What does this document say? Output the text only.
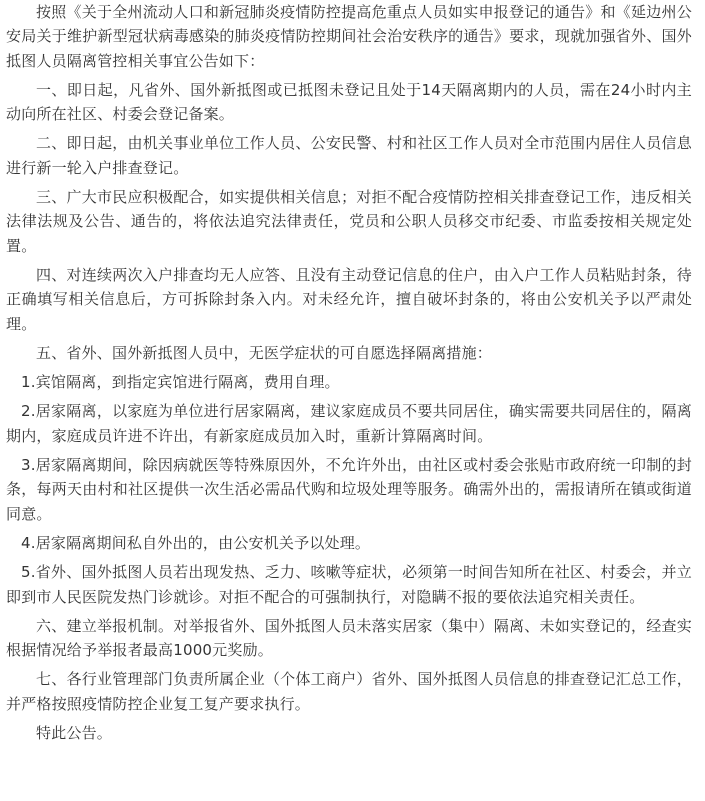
按照《关于全州流动人口和新冠肺炎疫情防控提高危重点人员如实申报登记的通告》和《延边州公安局关于维护新型冠状病毒感染的肺炎疫情防控期间社会治安秩序的通告》要求，现就加强省外、国外抵图人员隔离管控相关事宜公告如下：

一、即日起，凡省外、国外新抵图或已抵图未登记且处于14天隔离期内的人员，需在24小时内主动向所在社区、村委会登记备案。

二、即日起，由机关事业单位工作人员、公安民警、村和社区工作人员对全市范围内居住人员信息进行新一轮入户排查登记。

三、广大市民应积极配合，如实提供相关信息；对拒不配合疫情防控相关排查登记工作，违反相关法律法规及公告、通告的，将依法追究法律责任，党员和公职人员移交市纪委、市监委按相关规定处置。

四、对连续两次入户排查均无人应答、且没有主动登记信息的住户，由入户工作人员粘贴封条，待正确填写相关信息后，方可拆除封条入内。对未经允许，擅自破坏封条的，将由公安机关予以严肃处理。

五、省外、国外新抵图人员中，无医学症状的可自愿选择隔离措施：

1.宾馆隔离，到指定宾馆进行隔离，费用自理。

2.居家隔离，以家庭为单位进行居家隔离，建议家庭成员不要共同居住，确实需要共同居住的，隔离期内，家庭成员许进不许出，有新家庭成员加入时，重新计算隔离时间。

3.居家隔离期间，除因病就医等特殊原因外，不允许外出，由社区或村委会张贴市政府统一印制的封条，每两天由村和社区提供一次生活必需品代购和垃圾处理等服务。确需外出的，需报请所在镇或街道同意。

4.居家隔离期间私自外出的，由公安机关予以处理。

5.省外、国外抵图人员若出现发热、乏力、咳嗽等症状，必须第一时间告知所在社区、村委会，并立即到市人民医院发热门诊就诊。对拒不配合的可强制执行，对隐瞒不报的要依法追究相关责任。

六、建立举报机制。对举报省外、国外抵图人员未落实居家（集中）隔离、未如实登记的，经查实根据情况给予举报者最高1000元奖励。

七、各行业管理部门负责所属企业（个体工商户）省外、国外抵图人员信息的排查登记汇总工作，并严格按照疫情防控企业复工复产要求执行。

特此公告。
